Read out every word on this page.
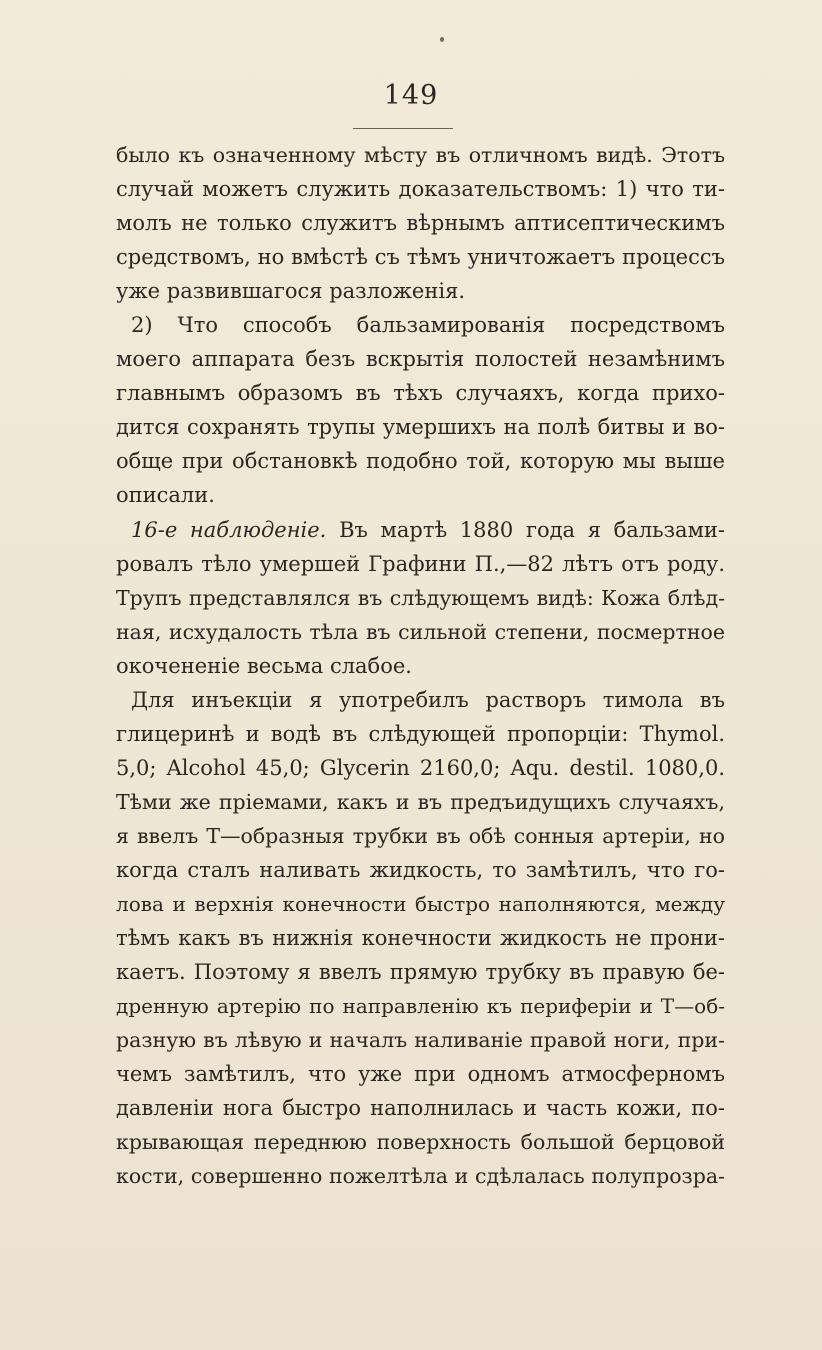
149
было къ означенному мѣсту въ отличномъ видѣ. Этотъ
случай можетъ служить доказательствомъ: 1) что ти-
молъ не только служитъ вѣрнымъ аптисептическимъ
средствомъ, но вмѣстѣ съ тѣмъ уничтожаетъ процессъ
уже развившагося разложенія.
2) Что способъ бальзамированія посредствомъ
моего аппарата безъ вскрытія полостей незамѣнимъ
главнымъ образомъ въ тѣхъ случаяхъ, когда прихо-
дится сохранять трупы умершихъ на полѣ битвы и во-
обще при обстановкѣ подобно той, которую мы выше
описали.
16-е наблюденіе. Въ мартѣ 1880 года я бальзами-
ровалъ тѣло умершей Графини П.,—82 лѣтъ отъ роду.
Трупъ представлялся въ слѣдующемъ видѣ: Кожа блѣд-
ная, исхудалость тѣла въ сильной степени, посмертное
окочененіе весьма слабое.
Для инъекціи я употребилъ растворъ тимола въ
глицеринѣ и водѣ въ слѣдующей пропорціи: Thymol.
5,0; Alcohol 45,0; Glycerin 2160,0; Aqu. destil. 1080,0.
Тѣми же пріемами, какъ и въ предъидущихъ случаяхъ,
я ввелъ Т—образныя трубки въ обѣ сонныя артеріи, но
когда сталъ наливать жидкость, то замѣтилъ, что го-
лова и верхнія конечности быстро наполняются, между
тѣмъ какъ въ нижнія конечности жидкость не прони-
каетъ. Поэтому я ввелъ прямую трубку въ правую бе-
дренную артерію по направленію къ периферіи и Т—об-
разную въ лѣвую и началъ наливаніе правой ноги, при-
чемъ замѣтилъ, что уже при одномъ атмосферномъ
давленіи нога быстро наполнилась и часть кожи, по-
крывающая переднюю поверхность большой берцовой
кости, совершенно пожелтѣла и сдѣлалась полупрозра-
